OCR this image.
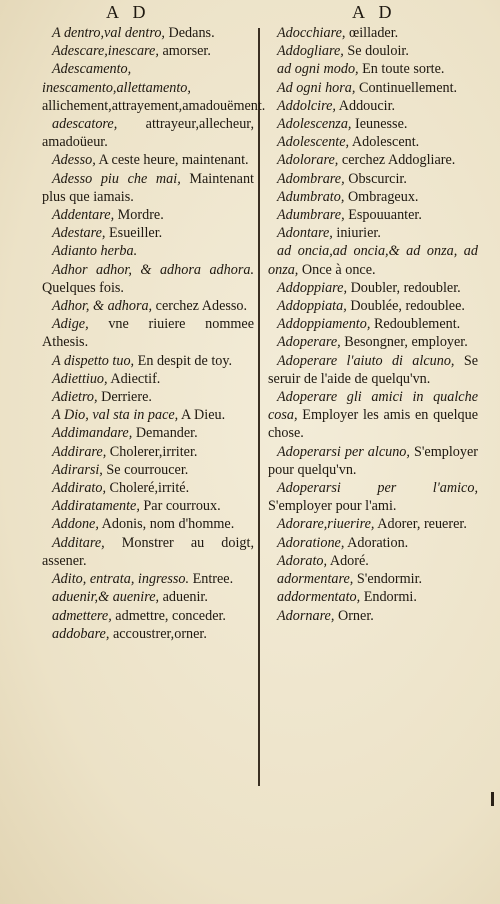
A D	A D

A dentro,val dentro, Dedans.

Adescare,inescare, amorser.

Adescamento, inescamento,allettamento, allichement,attrayement,amadouëment.

adescatore, attrayeur,allecheur, amadoüeur.

Adesso, A ceste heure, maintenant.

Adesso piu che mai, Maintenant plus que iamais.

Addentare, Mordre.

Adestare, Esueiller.

Adianto herba.

Adhor adhor, & adhora adhora. Quelques fois.

Adhor, & adhora, cerchez Adesso.

Adige, vne riuiere nommee Athesis.

A dispetto tuo, En despit de toy.

Adiettiuo, Adiectif.

Adietro, Derriere.

A Dio, val sta in pace, A Dieu.

Addimandare, Demander.

Addirare, Cholerer,irriter.

Adirarsi, Se courroucer.

Addirato, Choleré,irrité.

Addiratamente, Par courroux.

Addone, Adonis, nom d'homme.

Additare, Monstrer au doigt, assener.

Adito, entrata, ingresso. Entree.

aduenir,& auenire, aduenir.

admettere, admettre, conceder.

addobare, accoustrer,orner.

Adocchiare, œillader.

Addogliare, Se douloir.

ad ogni modo, En toute sorte.

Ad ogni hora, Continuellement.

Addolcire, Addoucir.

Adolescenza, Ieunesse.

Adolescente, Adolescent.

Adolorare, cerchez Addogliare.

Adombrare, Obscurcir.

Adumbrato, Ombrageux.

Adumbrare, Espouuanter.

Adontare, iniurier.

ad oncia,ad oncia,& ad onza, ad onza, Once à once.

Addoppiare, Doubler, redoubler.

Addoppiata, Doublée, redoublee.

Addoppiamento, Redoublement.

Adoperare, Besongner, employer.

Adoperare l'aiuto di alcuno, Se seruir de l'aide de quelqu'vn.

Adoperare gli amici in qualche cosa, Employer les amis en quelque chose.

Adoperarsi per alcuno, S'employer pour quelqu'vn.

Adoperarsi per l'amico, S'employer pour l'ami.

Adorare,riuerire, Adorer, reuerer.

Adoratione, Adoration.

Adorato, Adoré.

adormentare, S'endormir.

addormentato, Endormi.

Adornare, Orner.
